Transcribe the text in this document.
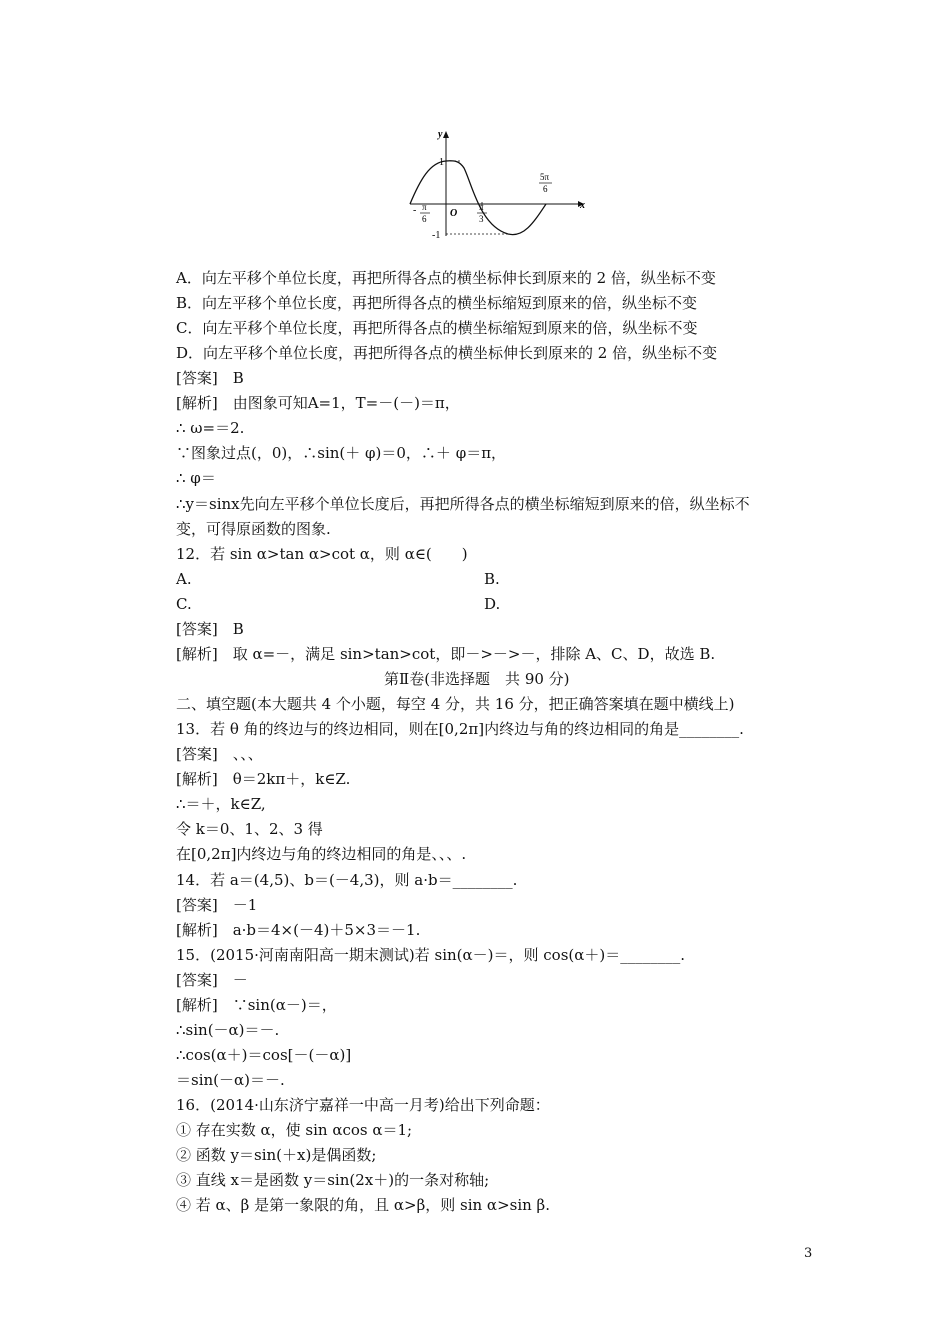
y
x
O
1
-1
- π
6
π
3
5π
6
A．向左平移个单位长度，再把所得各点的横坐标伸长到原来的 2 倍，纵坐标不变
B．向左平移个单位长度，再把所得各点的横坐标缩短到原来的倍，纵坐标不变
C．向左平移个单位长度，再把所得各点的横坐标缩短到原来的倍，纵坐标不变
D．向左平移个单位长度，再把所得各点的横坐标伸长到原来的 2 倍，纵坐标不变
[答案]　B
[解析]　由图象可知A=1，T=－(－)＝π，
∴ ω=＝2.
∵图象过点(，0)，∴sin(＋ φ)＝0，∴＋ φ＝π，
∴ φ＝
∴y＝sinx先向左平移个单位长度后，再把所得各点的横坐标缩短到原来的倍，纵坐标不
变，可得原函数的图象.
12．若 sin α>tan α>cot α，则 α∈(　　)
A.	B.
C.	D.
[答案]　B
[解析]　取 α=－，满足 sin>tan>cot，即－>－>－，排除 A、C、D，故选 B.
第Ⅱ卷(非选择题　共 90 分)
二、填空题(本大题共 4 个小题，每空 4 分，共 16 分，把正确答案填在题中横线上)
13．若 θ 角的终边与的终边相同，则在[0,2π]内终边与角的终边相同的角是________.
[答案]　、、、
[解析]　θ＝2kπ＋，k∈Z.
∴＝＋，k∈Z,
令 k＝0、1、2、3 得
在[0,2π]内终边与角的终边相同的角是、、、.
14．若 a＝(4,5)、b＝(－4,3)，则 a·b＝________.
[答案]　－1
[解析]　a·b＝4×(－4)＋5×3＝－1.
15．(2015·河南南阳高一期末测试)若 sin(α－)＝，则 cos(α＋)＝________.
[答案]　－
[解析]　∵sin(α－)＝，
∴sin(－α)＝－.
∴cos(α＋)＝cos[－(－α)]
＝sin(－α)＝－.
16．(2014·山东济宁嘉祥一中高一月考)给出下列命题：
① 存在实数 α，使 sin αcos α＝1;
② 函数 y＝sin(＋x)是偶函数;
③ 直线 x＝是函数 y＝sin(2x＋)的一条对称轴;
④ 若 α、β 是第一象限的角，且 α>β，则 sin α>sin β.
3
